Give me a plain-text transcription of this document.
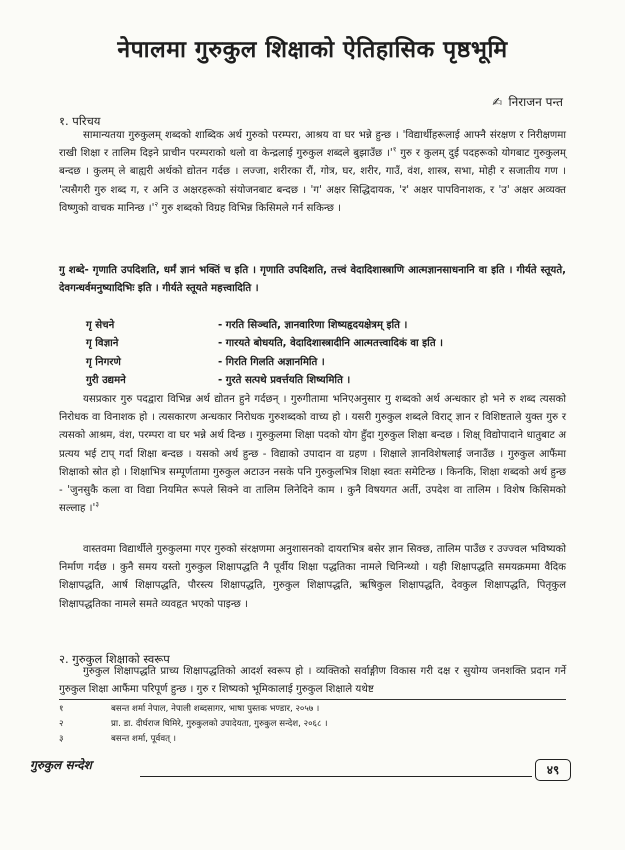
नेपालमा गुरुकुल शिक्षाको ऐतिहासिक पृष्ठभूमि
✍ निराजन पन्त
१. परिचय
सामान्यतया गुरुकुलम् शब्दको शाब्दिक अर्थ गुरुको परम्परा, आश्रय वा घर भन्ने हुन्छ । 'विद्यार्थीहरूलाई आफ्नै संरक्षण र निरीक्षणमा राखी शिक्षा र तालिम दिइने प्राचीन परम्पराको थलो वा केन्द्रलाई गुरुकुल शब्दले बुझाउँछ $।'^१$ गुरु र कुलम् दुई पदहरूको योगबाट गुरुकुलम् बन्दछ । कुलम् ले बाह्यरी अर्थको द्योतन गर्दछ । लज्जा, शरीरका रौं, गोत्र, घर, शरीर, गाउँ, वंश, शास्त्र, सभा, मोही र सजातीय गण । 'त्यसैगरी गुरु शब्द ग, र अनि उ अक्षरहरूको संयोजनबाट बन्दछ । 'ग' अक्षर सिद्धिदायक, 'र' अक्षर पापविनाशक, र 'उ' अक्षर अव्यक्त विष्णुको वाचक मानिन्छ $।'^२$ गुरु शब्दको विग्रह विभिन्न किसिमले गर्न सकिन्छ ।
गु शब्दे- गृणाति उपदिशति, धर्मं ज्ञानं भक्तिं च इति । गृणाति उपदिशति, तत्त्वं वेदादिशास्त्राणि आत्मज्ञानसाधनानि वा इति । गीर्यते स्तूयते, देवगन्धर्वमनुष्यादिभिः इति । गीर्यते स्तूयते महत्त्वादिति ।
गृ सेचने	- गरति सिञ्चति, ज्ञानवारिणा शिष्यहृदयक्षेत्रम् इति ।
गृ विज्ञाने	- गारयते बोधयति, वेदादिशास्त्रादीनि आत्मतत्त्वादिकं वा इति ।
गृ निगरणे	- गिरति गिलति अज्ञानमिति ।
गुरी उद्यमने	- गुरते सत्पथे प्रवर्त्तयति शिष्यमिति ।
यसप्रकार गुरु पदद्वारा विभिन्न अर्थ द्योतन हुने गर्दछन् । गुरुगीतामा भनिएअनुसार गु शब्दको अर्थ अन्धकार हो भने रु शब्द त्यसको निरोधक वा विनाशक हो । त्यसकारण अन्धकार निरोधक गुरुशब्दको वाच्य हो । यसरी गुरुकुल शब्दले विराट् ज्ञान र विशिष्टताले युक्त गुरु र त्यसको आश्रम, वंश, परम्परा वा घर भन्ने अर्थ दिन्छ । गुरुकुलमा शिक्षा पदको योग हुँदा गुरुकुल शिक्षा बन्दछ । शिक्ष् विद्योपादाने धातुबाट अ प्रत्यय भई टाप् गर्दा शिक्षा बन्दछ । यसको अर्थ हुन्छ - विद्याको उपादान वा ग्रहण । शिक्षाले ज्ञानविशेषलाई जनाउँछ । गुरुकुल आफैंमा शिक्षाको स्रोत हो । शिक्षाभित्र सम्पूर्णतामा गुरुकुल अटाउन नसके पनि गुरुकुलभित्र शिक्षा स्वतः समेटिन्छ । किनकि, शिक्षा शब्दको अर्थ हुन्छ - 'जुनसुकै कला वा विद्या नियमित रूपले सिक्ने वा तालिम लिनेदिने काम । कुनै विषयगत अर्ती, उपदेश वा तालिम । विशेष किसिमको सल्लाह $।'^३$
वास्तवमा विद्यार्थीले गुरुकुलमा गएर गुरुको संरक्षणमा अनुशासनको दायराभित्र बसेर ज्ञान सिक्छ, तालिम पाउँछ र उज्ज्वल भविष्यको निर्माण गर्दछ । कुनै समय यस्तो गुरुकुल शिक्षापद्धति नै पूर्वीय शिक्षा पद्धतिका नामले चिनिन्थ्यो । यही शिक्षापद्धति समयक्रममा वैदिक शिक्षापद्धति, आर्ष शिक्षापद्धति, पौरस्त्य शिक्षापद्धति, गुरुकुल शिक्षापद्धति, ऋषिकुल शिक्षापद्धति, देवकुल शिक्षापद्धति, पितृकुल शिक्षापद्धतिका नामले समते व्यवहृत भएको पाइन्छ ।
२. गुरुकुल शिक्षाको स्वरूप
गुरुकुल शिक्षापद्धति प्राच्य शिक्षापद्धतिको आदर्श स्वरूप हो । व्यक्तिको सर्वाङ्गीण विकास गरी दक्ष र सुयोग्य जनशक्ति प्रदान गर्ने गुरुकुल शिक्षा आफैंमा परिपूर्ण हुन्छ । गुरु र शिष्यको भूमिकालाई गुरुकुल शिक्षाले यथेष्ट
१	बसन्त शर्मा नेपाल, नेपाली शब्दसागर, भाषा पुस्तक भण्डार, २०५७ ।
२	प्रा. डा. दीर्घराज घिमिरे, गुरुकुलको उपादेयता, गुरुकुल सन्देश, २०६८ ।
३	बसन्त शर्मा, पूर्ववत् ।
गुरुकुल सन्देश	४९
